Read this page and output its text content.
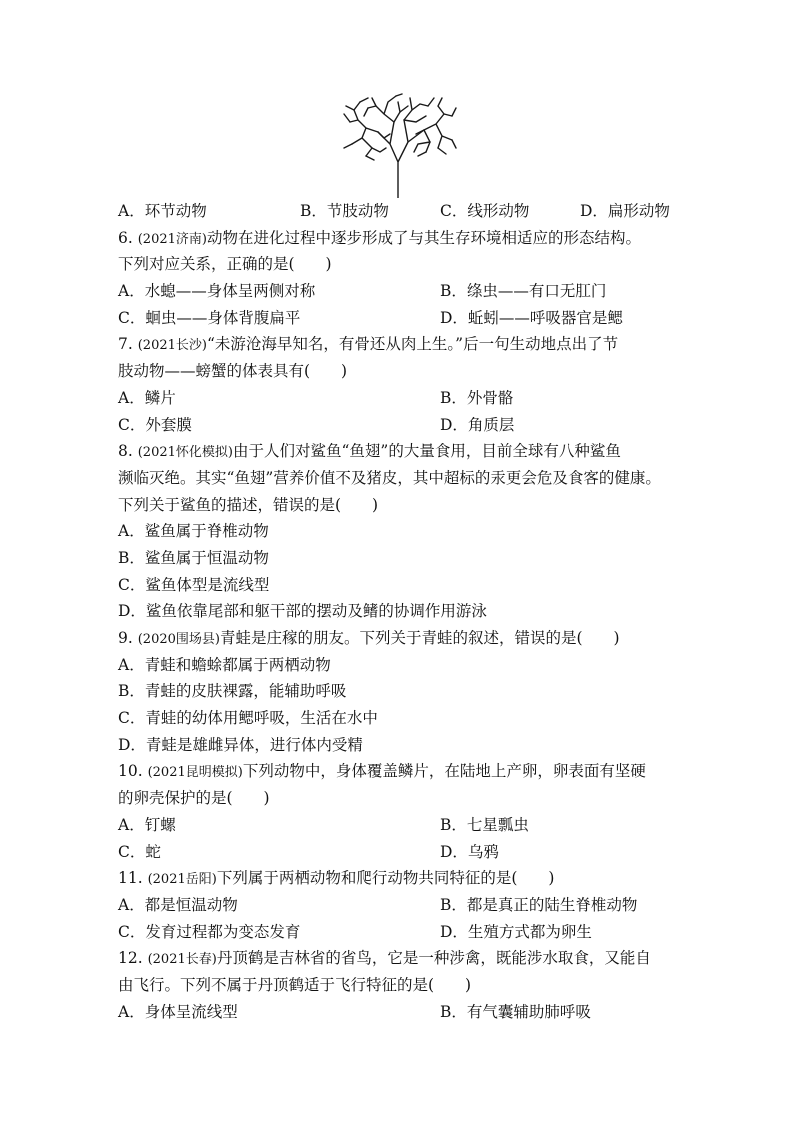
A．环节动物	B．节肢动物	C．线形动物	D．扁形动物
6. (2021济南)动物在进化过程中逐步形成了与其生存环境相适应的形态结构。
下列对应关系，正确的是(　　)
A．水螅——身体呈两侧对称	B．绦虫——有口无肛门
C．蛔虫——身体背腹扁平	D．蚯蚓——呼吸器官是鳃
7. (2021长沙)“未游沧海早知名，有骨还从肉上生。”后一句生动地点出了节
肢动物——螃蟹的体表具有(　　)
A．鳞片	B．外骨骼
C．外套膜	D．角质层
8. (2021怀化模拟)由于人们对鲨鱼“鱼翅”的大量食用，目前全球有八种鲨鱼
濒临灭绝。其实“鱼翅”营养价值不及猪皮，其中超标的汞更会危及食客的健康。
下列关于鲨鱼的描述，错误的是(　　)
A．鲨鱼属于脊椎动物
B．鲨鱼属于恒温动物
C．鲨鱼体型是流线型
D．鲨鱼依靠尾部和躯干部的摆动及鳍的协调作用游泳
9. (2020围场县)青蛙是庄稼的朋友。下列关于青蛙的叙述，错误的是(　　)
A．青蛙和蟾蜍都属于两栖动物
B．青蛙的皮肤裸露，能辅助呼吸
C．青蛙的幼体用鳃呼吸，生活在水中
D．青蛙是雄雌异体，进行体内受精
10. (2021昆明模拟)下列动物中，身体覆盖鳞片，在陆地上产卵，卵表面有坚硬
的卵壳保护的是(　　)
A．钉螺	B．七星瓢虫
C．蛇	D．乌鸦
11. (2021岳阳)下列属于两栖动物和爬行动物共同特征的是(　　)
A．都是恒温动物	B．都是真正的陆生脊椎动物
C．发育过程都为变态发育	D．生殖方式都为卵生
12. (2021长春)丹顶鹤是吉林省的省鸟，它是一种涉禽，既能涉水取食，又能自
由飞行。下列不属于丹顶鹤适于飞行特征的是(　　)
A．身体呈流线型	B．有气囊辅助肺呼吸
